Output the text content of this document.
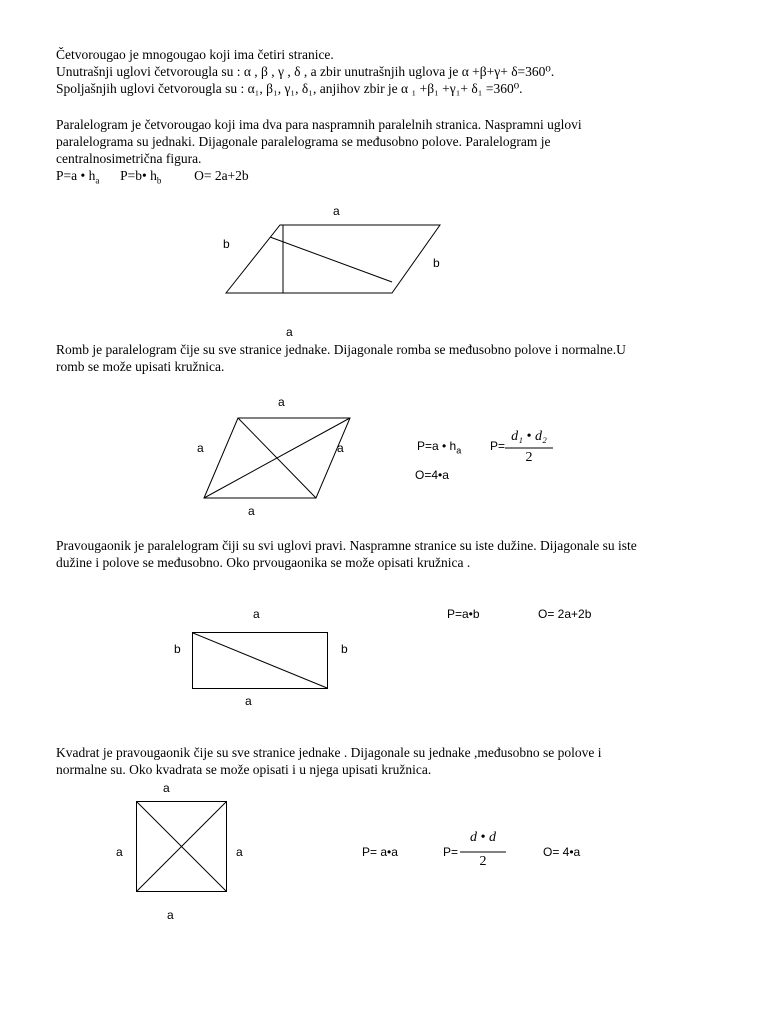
Četvorougao je mnogougao koji ima četiri stranice.
Unutrašnji uglovi četvorougla su : α , β , γ , δ , a zbir unutrašnjih uglova je α +β+γ+ δ=360⁰.
Spoljašnjih uglovi četvorougla su : α₁, β₁, γ₁, δ₁, anjihov zbir je α ₁ +β₁ +γ₁+ δ₁ =360⁰.
Paralelogram je četvorougao koji ima dva para naspramnih paralelnih stranica. Naspramni uglovi
paralelograma su jednaki. Dijagonale paralelograma se međusobno polove. Paralelogram je
centralnosimetrična figura.
P=a • $h_a$ P=b• $h_b$ O= 2a+2b
a
b
b
a
Romb je paralelogram čije su sve stranice jednake. Dijagonale romba se međusobno polove i normalne.U
romb se može upisati kružnica.
a
a	a
a
P=a • $h_a$ P=
d₁ • d₂
2
O=4•a
Pravougaonik je paralelogram čiji su svi uglovi pravi. Naspramne stranice su iste dužine. Dijagonale su iste
dužine i polove se međusobno. Oko prvougaonika se može opisati kružnica .
a
b	b
a
P=a•b	O= 2a+2b
Kvadrat je pravougaonik čije su sve stranice jednake . Dijagonale su jednake ,međusobno se polove i
normalne su. Oko kvadrata se može opisati i u njega upisati kružnica.
a
a	a
a
P= a•a	P=
d • d
2
O= 4•a
